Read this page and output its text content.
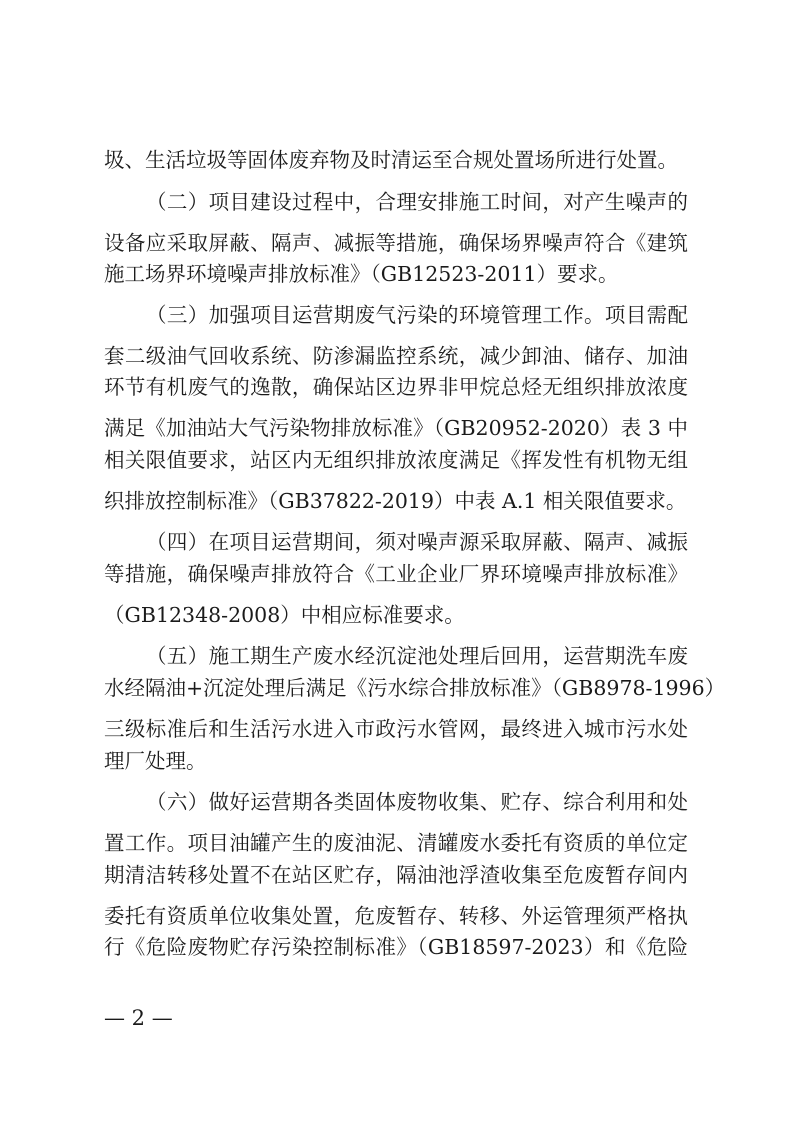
圾、生活垃圾等固体废弃物及时清运至合规处置场所进行处置。
（二）项目建设过程中，合理安排施工时间，对产生噪声的
设备应采取屏蔽、隔声、减振等措施，确保场界噪声符合《建筑
施工场界环境噪声排放标准》（GB12523-2011）要求。
（三）加强项目运营期废气污染的环境管理工作。项目需配
套二级油气回收系统、防渗漏监控系统，减少卸油、储存、加油
环节有机废气的逸散，确保站区边界非甲烷总烃无组织排放浓度
满足《加油站大气污染物排放标准》（GB20952-2020）表 3 中
相关限值要求，站区内无组织排放浓度满足《挥发性有机物无组
织排放控制标准》（GB37822-2019）中表 A.1 相关限值要求。
（四）在项目运营期间，须对噪声源采取屏蔽、隔声、减振
等措施，确保噪声排放符合《工业企业厂界环境噪声排放标准》
（GB12348-2008）中相应标准要求。
（五）施工期生产废水经沉淀池处理后回用，运营期洗车废
水经隔油+沉淀处理后满足《污水综合排放标准》（GB8978-1996）
三级标准后和生活污水进入市政污水管网，最终进入城市污水处
理厂处理。
（六）做好运营期各类固体废物收集、贮存、综合利用和处
置工作。项目油罐产生的废油泥、清罐废水委托有资质的单位定
期清洁转移处置不在站区贮存，隔油池浮渣收集至危废暂存间内
委托有资质单位收集处置，危废暂存、转移、外运管理须严格执
行《危险废物贮存污染控制标准》（GB18597-2023）和《危险
— 2 —
